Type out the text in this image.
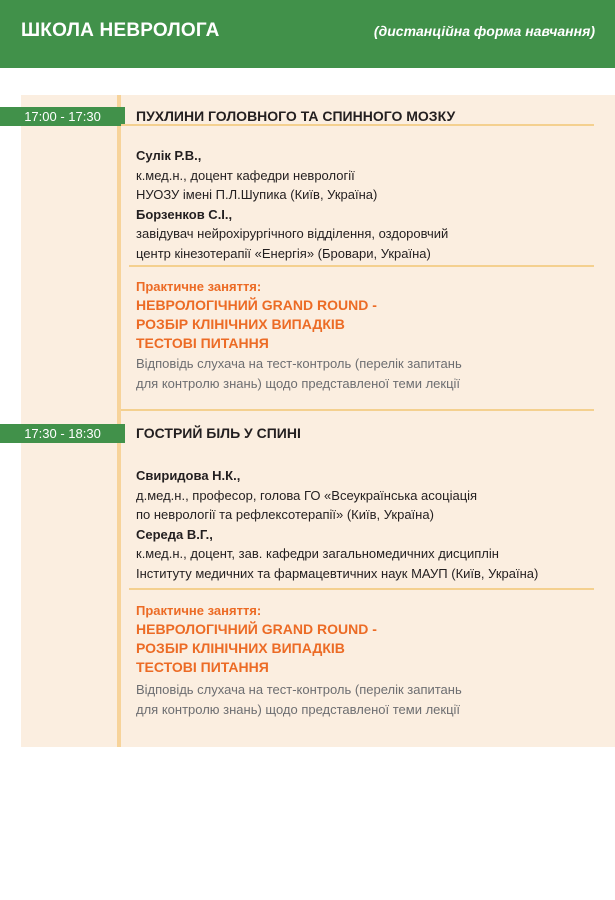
ШКОЛА НЕВРОЛОГА	(дистанційна форма навчання)
17:00 - 17:30	ПУХЛИНИ ГОЛОВНОГО ТА СПИННОГО МОЗКУ
Сулік Р.В.,
к.мед.н., доцент кафедри неврології
НУОЗУ імені П.Л.Шупика (Київ, Україна)
Борзенков С.І.,
завідувач нейрохірургічного відділення, оздоровчий
центр кінезотерапії «Енергія» (Бровари, Україна)
Практичне заняття:
НЕВРОЛОГІЧНИЙ GRAND ROUND -
РОЗБІР КЛІНІЧНИХ ВИПАДКІВ
ТЕСТОВІ ПИТАННЯ
Відповідь слухача на тест-контроль (перелік запитань
для контролю знань) щодо представленої теми лекції
17:30 - 18:30	ГОСТРИЙ БІЛЬ У СПИНІ
Свиридова Н.К.,
д.мед.н., професор, голова ГО «Всеукраїнська асоціація
по неврології та рефлексотерапії» (Київ, Україна)
Середа В.Г.,
к.мед.н., доцент, зав. кафедри загальномедичних дисциплін
Інституту медичних та фармацевтичних наук МАУП (Київ, Україна)
Практичне заняття:
НЕВРОЛОГІЧНИЙ GRAND ROUND -
РОЗБІР КЛІНІЧНИХ ВИПАДКІВ
ТЕСТОВІ ПИТАННЯ
Відповідь слухача на тест-контроль (перелік запитань
для контролю знань) щодо представленої теми лекції
